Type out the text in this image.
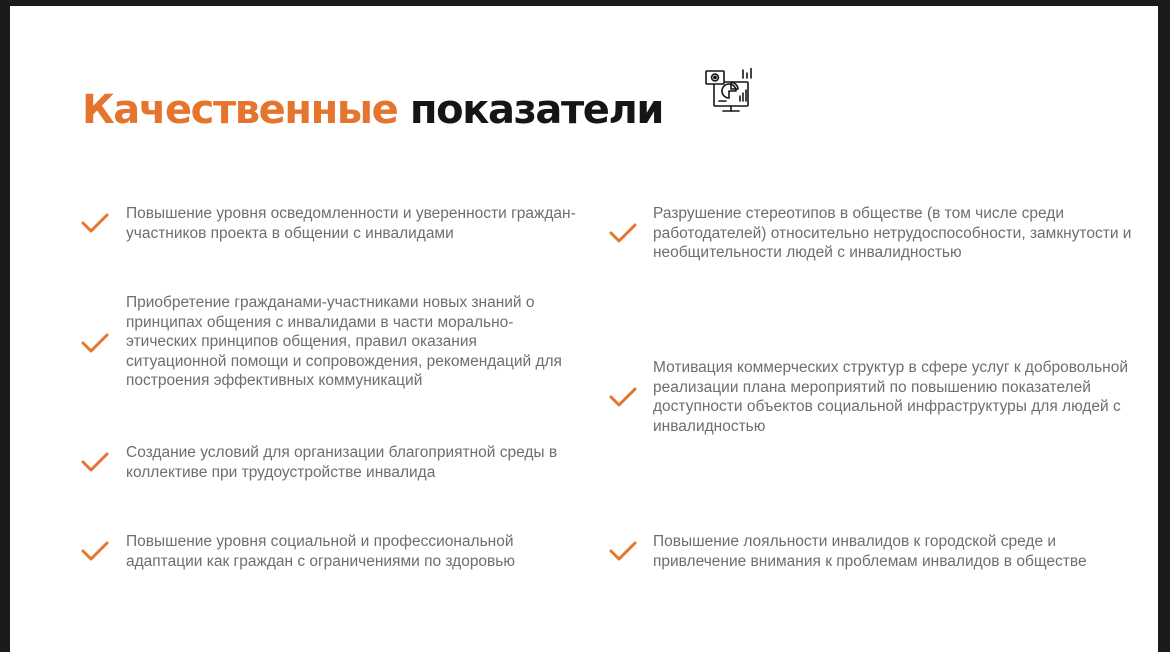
Качественные показатели

Повышение уровня осведомленности и уверенности граждан-участников проекта в общении с инвалидами

Приобретение гражданами-участниками новых знаний о принципах общения с инвалидами в части морально-этических принципов общения, правил оказания ситуационной помощи и сопровождения, рекомендаций для построения эффективных коммуникаций

Создание условий для организации благоприятной среды в коллективе при трудоустройстве инвалида

Повышение уровня социальной и профессиональной адаптации как граждан с ограничениями по здоровью

Разрушение стереотипов в обществе (в том числе среди работодателей) относительно нетрудоспособности, замкнутости и необщительности людей с инвалидностью

Мотивация коммерческих структур в сфере услуг к добровольной реализации плана мероприятий по повышению показателей доступности объектов социальной инфраструктуры для людей с инвалидностью

Повышение лояльности инвалидов к городской среде и привлечение внимания к проблемам инвалидов в обществе
